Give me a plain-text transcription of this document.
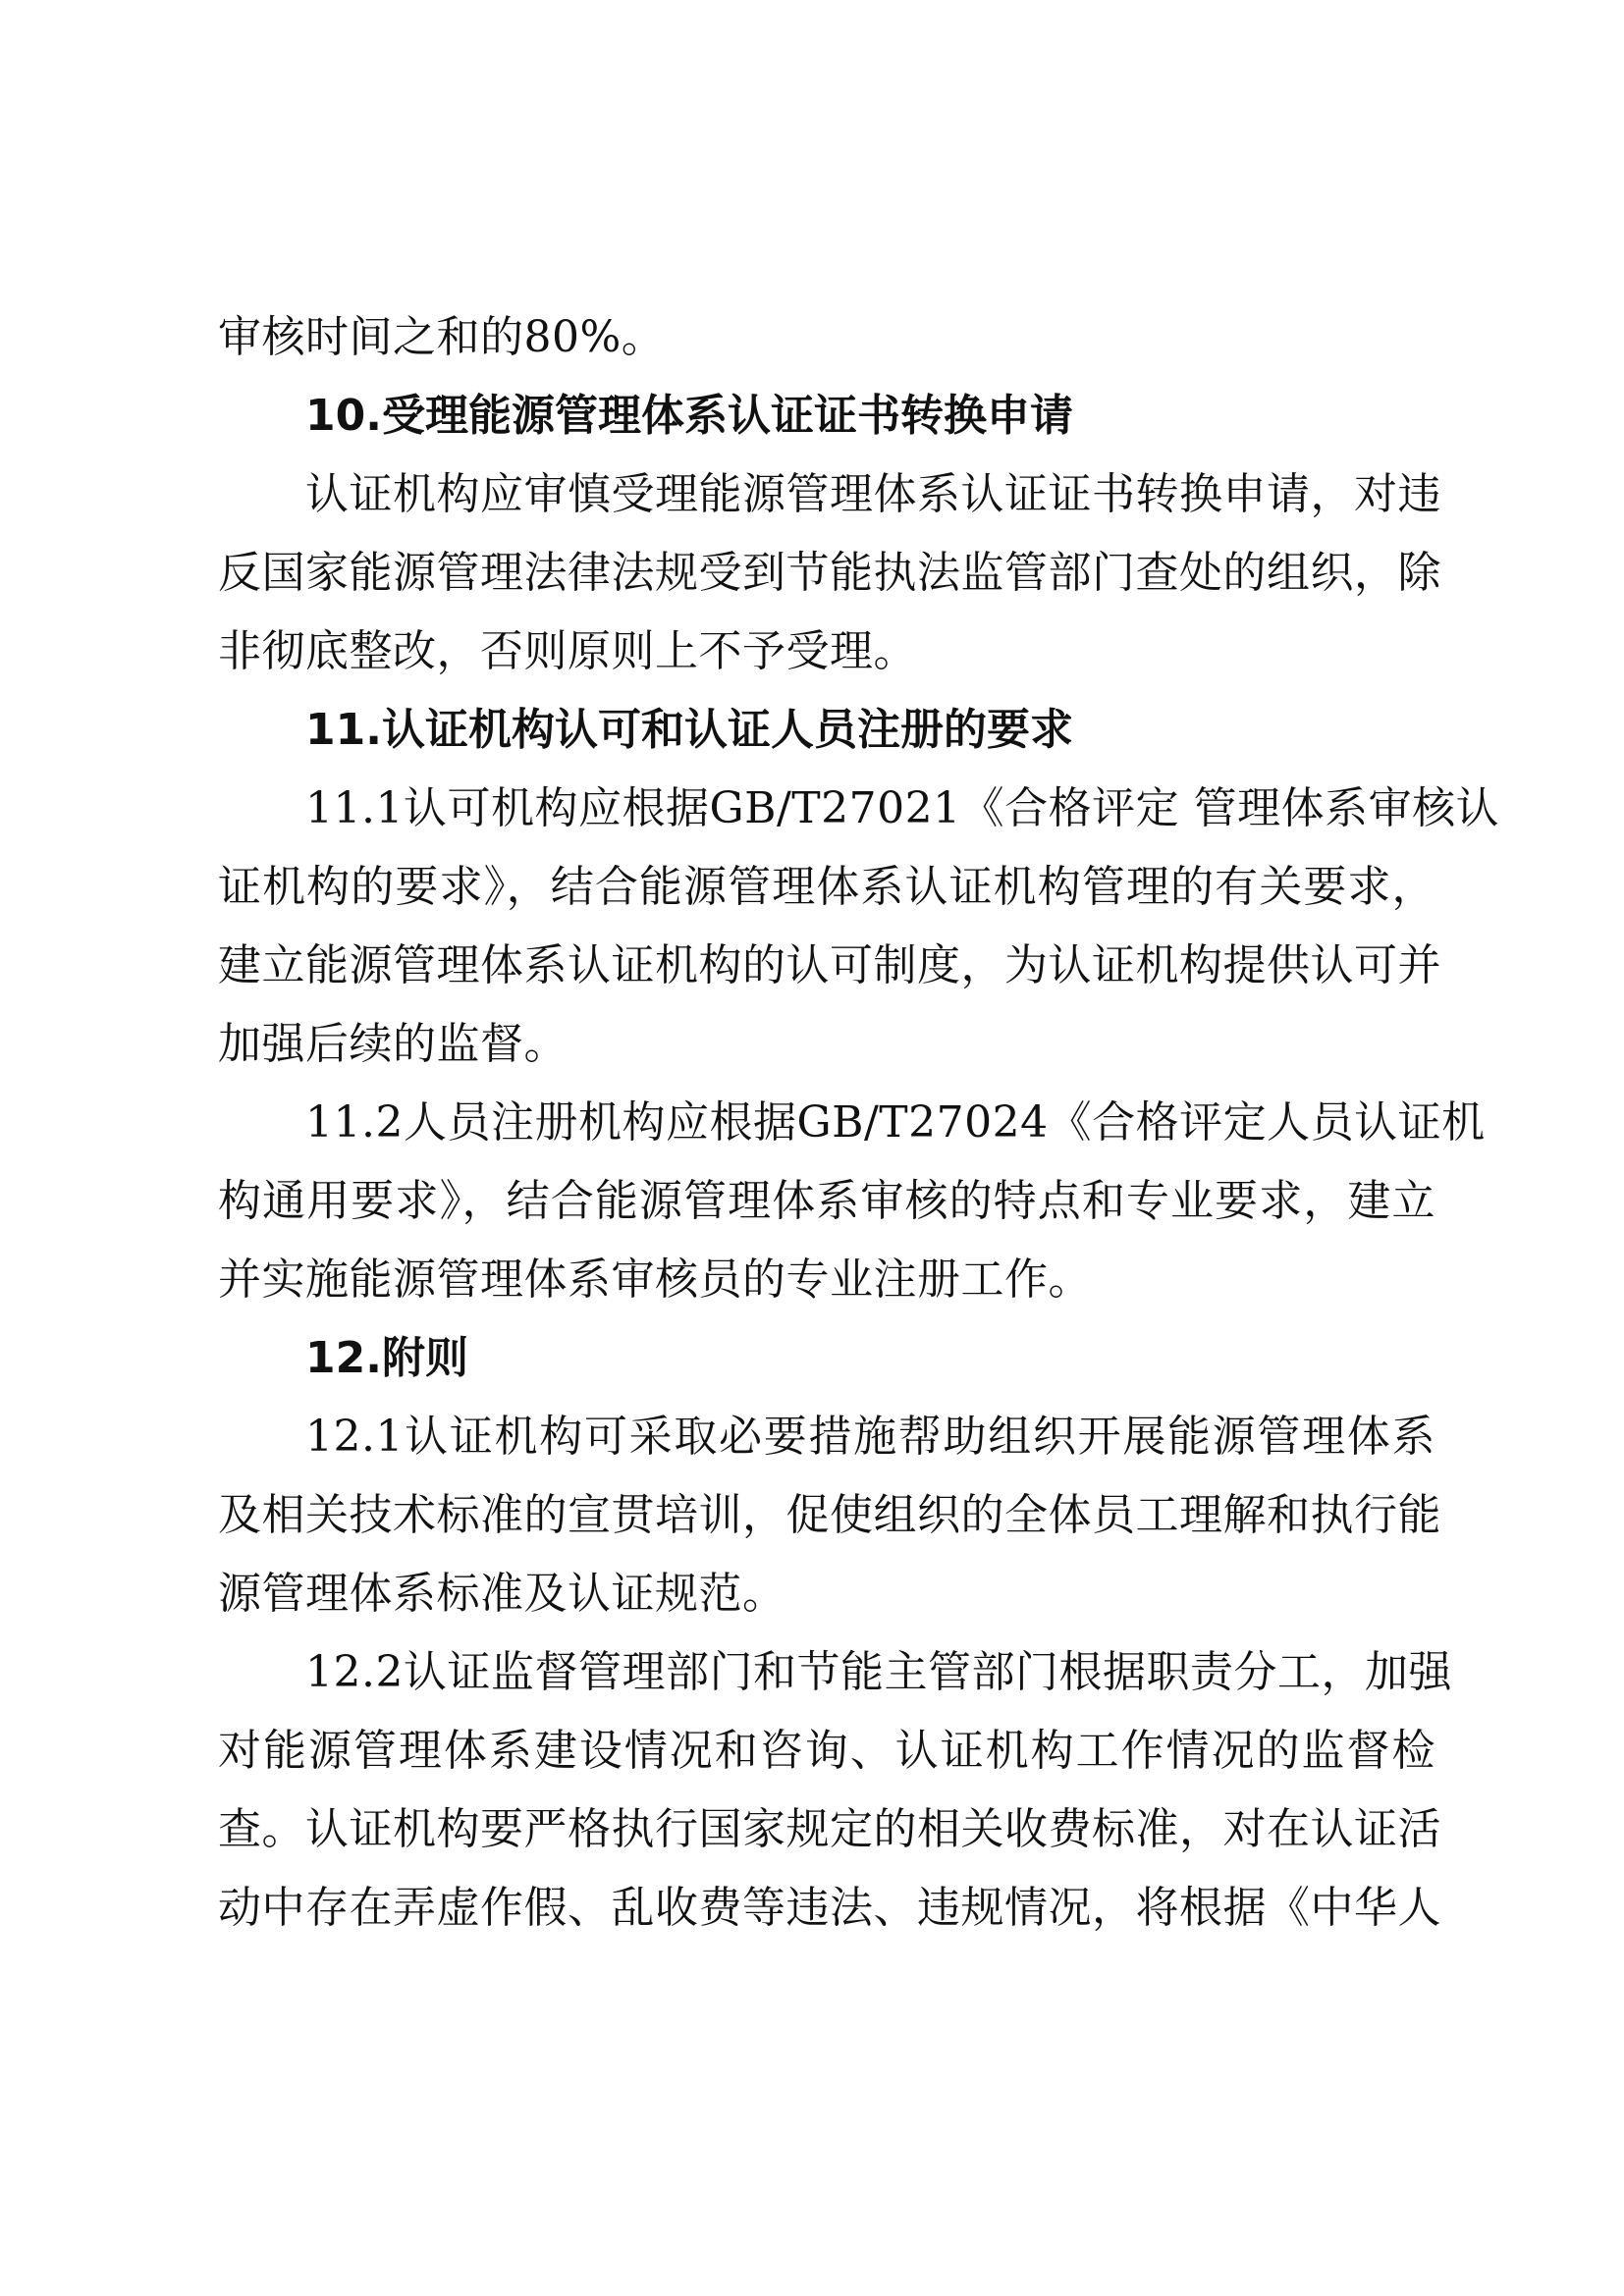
审核时间之和的80%。
10.受理能源管理体系认证证书转换申请
认证机构应审慎受理能源管理体系认证证书转换申请，对违
反国家能源管理法律法规受到节能执法监管部门查处的组织，除
非彻底整改，否则原则上不予受理。
11.认证机构认可和认证人员注册的要求
11.1认可机构应根据GB/T27021《合格评定 管理体系审核认
证机构的要求》，结合能源管理体系认证机构管理的有关要求，
建立能源管理体系认证机构的认可制度，为认证机构提供认可并
加强后续的监督。
11.2人员注册机构应根据GB/T27024《合格评定人员认证机
构通用要求》，结合能源管理体系审核的特点和专业要求，建立
并实施能源管理体系审核员的专业注册工作。
12.附则
12.1认证机构可采取必要措施帮助组织开展能源管理体系
及相关技术标准的宣贯培训，促使组织的全体员工理解和执行能
源管理体系标准及认证规范。
12.2认证监督管理部门和节能主管部门根据职责分工，加强
对能源管理体系建设情况和咨询、认证机构工作情况的监督检
查。认证机构要严格执行国家规定的相关收费标准，对在认证活
动中存在弄虚作假、乱收费等违法、违规情况，将根据《中华人
